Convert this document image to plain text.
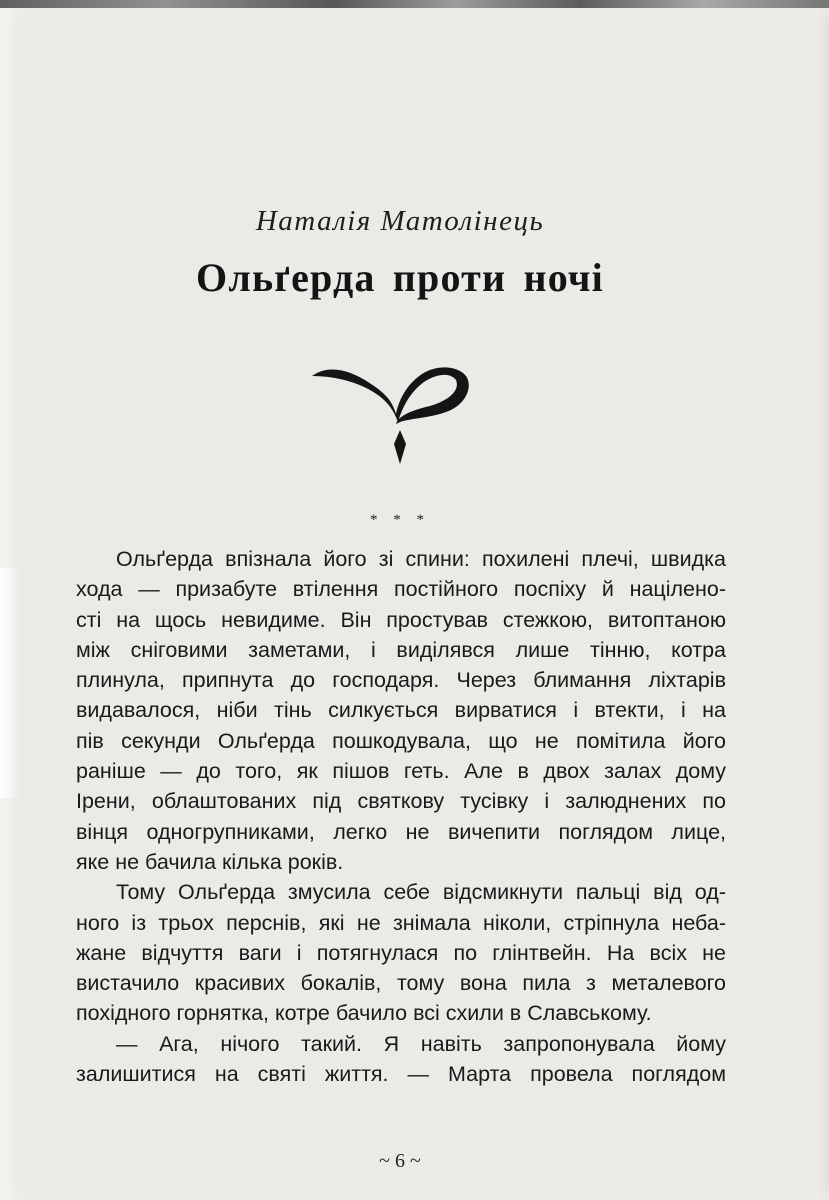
Наталія Матолінець
Ольґерда проти ночі
* * *
Ольґерда впізнала його зі спини: похилені плечі, швидка
хода — призабуте втілення постійного поспіху й націлено-
сті на щось невидиме. Він простував стежкою, витоптаною
між сніговими заметами, і виділявся лише тінню, котра
плинула, припнута до господаря. Через блимання ліхтарів
видавалося, ніби тінь силкується вирватися і втекти, і на
пів секунди Ольґерда пошкодувала, що не помітила його
раніше — до того, як пішов геть. Але в двох залах дому
Ірени, облаштованих під святкову тусівку і залюднених по
вінця одногрупниками, легко не вичепити поглядом лице,
яке не бачила кілька років.
Тому Ольґерда змусила себе відсмикнути пальці від од-
ного із трьох перснів, які не знімала ніколи, стріпнула неба-
жане відчуття ваги і потягнулася по глінтвейн. На всіх не
вистачило красивих бокалів, тому вона пила з металевого
похідного горнятка, котре бачило всі схили в Славському.
— Ага, нічого такий. Я навіть запропонувала йому
залишитися на святі життя. — Марта провела поглядом
~ 6 ~
